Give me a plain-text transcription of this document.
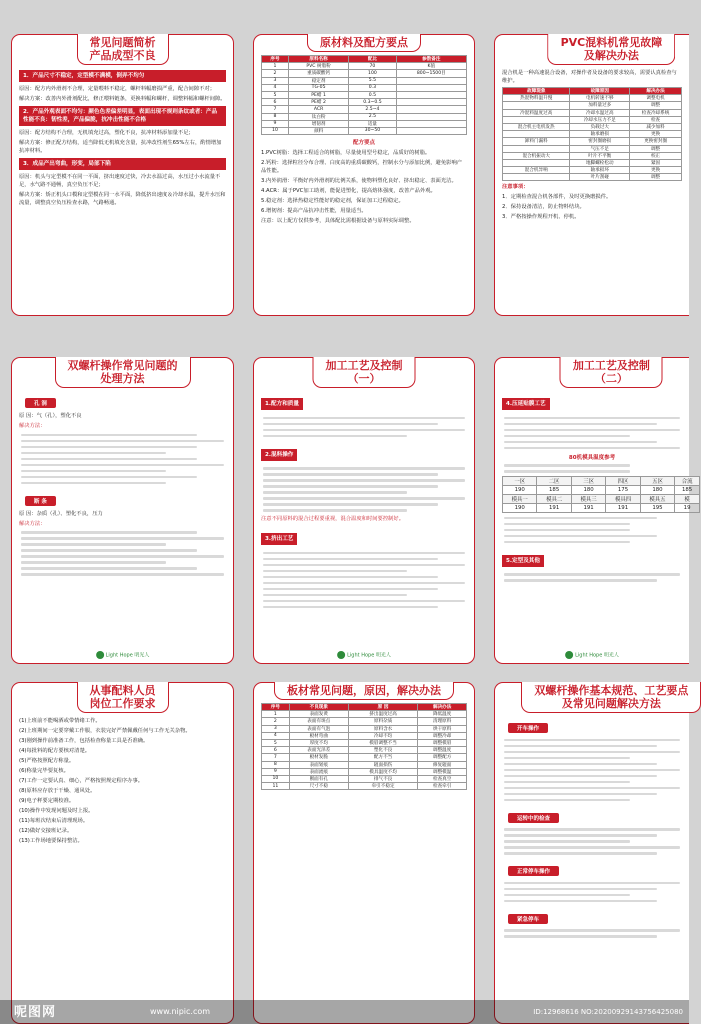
常见问题简析
产品成型不良
1．产品尺寸不稳定，定型模不满模，倒弄不均匀
原因：配方内外滑剂不合理，定量喂料不稳定，螺杆料幅磨损严重，配合间隙不对；
解决方案：改善内外滑剂配比，修正喂料链条，更换料幅和螺杆，调整料幅和螺杆间隙。
2．产品外观表面不均匀：颜色色差偏差明显，表面出现不规则条纹或者：产品性能不良：韧性差，产品偏脆，抗冲击性能不合格
原因：配方结构不合理，无机填充过高，塑化不良，抗冲材料添加量不足；
解决方案：修正配方结构，适当降低无机填充含量，抗冲改性剂生65%左右，酌情增加抗冲材料。
3．成品产出弯曲，形变，局部下陷
原因：机头与定型模不在同一平面，挤出速度过快，冷去水温过高，水压过小水流量不足，水气路不通畅，真空负压不足；
解决方案：矫正机头口模和定型模在同一水平面，降低挤出速度＆冷却水温，提升水压和流量，调整真空负压检查水路，气路畅通。
原材料及配方要点
序号	原料名称	配比	参数备注
1	PVC 树脂粉	70	K值
2	重质碳酸钙	100	800~1500目
3	稳定剂	5.5	
4	TG-05	0.3	
5	PE蜡 1	0.5	
6	PE蜡 2	0.3~0.5	
7	ACR	2.5~4	
8	钛白粉	2.5	
9	增韧剂	适量	
10	颜料	30~50	
配方要点
1.PVC树脂：选择工程适合的树脂，尽量使用型号稳定，品质好的树脂。
2.钙粉：选择粒径分布合理、白度高的重质碳酸钙，控制水分与添加比例，避免影响产品性能。
3.内外润滑：平衡好内外滑剂的比例关系，使物料塑化良好、挤出稳定、表面光洁。
4.ACR：属于PVC加工助剂，能促进塑化，提高熔体强度，改善产品外观。
5.稳定剂：选择热稳定性能好的稳定剂，保证加工过程稳定。
6.增韧剂：提高产品抗冲击性能，用量适当。
注意：以上配方仅供参考，具体配比需根据设备与原料实际调整。
PVC混料机常见故障
及解决办法
混合机是一种高速混合设备，对操作者及设备的要求较高，需要认真检查与维护。
故障现象	故障原因	解决办法
热混物料温升慢	电机转速不够	调整电机
	加料量过多	调整
冷混料温度过高	冷却水温过高	检查冷却系统
	冷却水压力不足	检查
混合机主电机发热	负载过大	减少加料
	轴承磨损	更换
卸料门漏料	密封圈磨损	更换密封圈
	气压不足	调整
混合机振动大	叶片不平衡	校正
	地脚螺栓松动	紧固
混合机异响	轴承损坏	更换
	叶片刮碰	调整
注意事项：
1．定期检查混合机各部件，及时更换磨损件。
2．保持设备清洁，防止物料结块。
3．严格按操作规程开机、停机。
双螺杆操作常见问题的
处理方法
孔 洞
原 因：气（孔），塑化不良
解决方法：
断 条
原 因：杂质（孔）、塑化不良，压力
解决方法：
Light Hope 明光人
加工工艺及控制
（一）
1.配方和质量
2.混料操作
注意不同原料的混合过程要重视，混合温度和时间要控制好。
3.挤出工艺
Light Hope 明光人
加工工艺及控制
（二）
4.压延贴膜工艺
80机模具温度参考
一区	二区	三区	四区	五区	合流
190	185	180	175	180	185
模具一	模具二	模具三	模具四	模具五	模
190	191	191	191	195	19
5.定型及其他
Light Hope 明光人
从事配料人员
岗位工作要求
(1)上班前不能喝酒或带情绪工作。
(2)上班期间一定要穿戴工作服，衣装完好严禁佩戴任何与工作无关杂物。
(3)刚到操作前准备工作，包括检查称量工具是否准确。
(4)每批料的配方要核对清楚。
(5)严格按照配方称量。
(6)称量完毕要复核。
(7)工作一定要认真、细心，严格按照规定程序办事。
(8)原料应存放于干燥、通风处。
(9)电子秤要定期校准。
(10)操作中发现问题及时上报。
(11)每班次结束后清理现场。
(12)做好交接班记录。
(13)工作场地要保持整洁。
板材常见问题，原因，解决办法
序号	不良现象	原 因	解决办法
1	表面发黄	挤出温度过高	降低温度
2	表面有斑点	原料杂质	清理原料
3	表面有气泡	原料含水	烘干原料
4	板材弯曲	冷却不均	调整冷却
5	厚度不均	模唇调整不当	调整模唇
6	表面光泽差	塑化不良	调整温度
7	板材发脆	配方不当	调整配方
8	表面划痕	辊面损伤	修复辊面
9	表面流痕	模具温度不均	调整模温
10	断面有孔	排气不良	检查真空
11	尺寸不稳	牵引不稳定	检查牵引
双螺杆操作基本规范、工艺要点
及常见问题解决方法
开车操作
运转中的检查
正常停车操作
紧急停车
呢图网	www.nipic.com	ID:12968616 NO:20200929143756425080
